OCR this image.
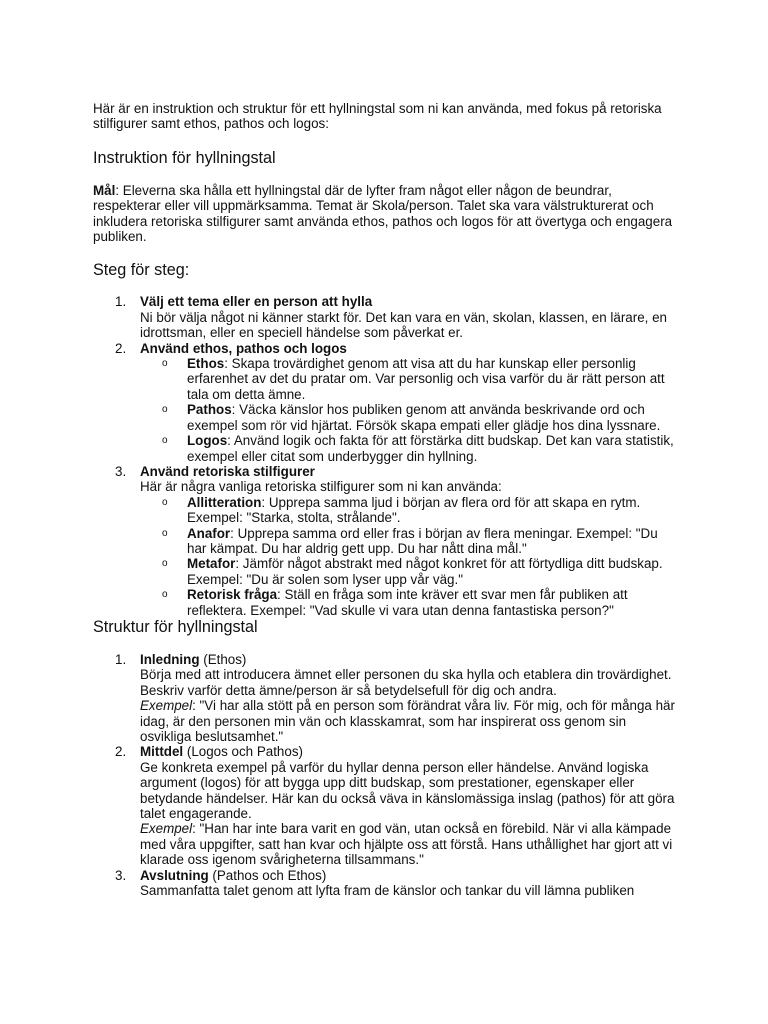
Här är en instruktion och struktur för ett hyllningstal som ni kan använda, med fokus på retoriska stilfigurer samt ethos, pathos och logos:

Instruktion för hyllningstal

Mål: Eleverna ska hålla ett hyllningstal där de lyfter fram något eller någon de beundrar, respekterar eller vill uppmärksamma. Temat är Skola/person. Talet ska vara välstrukturerat och inkludera retoriska stilfigurer samt använda ethos, pathos och logos för att övertyga och engagera publiken.

Steg för steg:
1. Välj ett tema eller en person att hylla
Ni bör välja något ni känner starkt för. Det kan vara en vän, skolan, klassen, en lärare, en idrottsman, eller en speciell händelse som påverkat er.
2. Använd ethos, pathos och logos
o Ethos: Skapa trovärdighet genom att visa att du har kunskap eller personlig erfarenhet av det du pratar om. Var personlig och visa varför du är rätt person att tala om detta ämne.
o Pathos: Väcka känslor hos publiken genom att använda beskrivande ord och exempel som rör vid hjärtat. Försök skapa empati eller glädje hos dina lyssnare.
o Logos: Använd logik och fakta för att förstärka ditt budskap. Det kan vara statistik, exempel eller citat som underbygger din hyllning.
3. Använd retoriska stilfigurer
Här är några vanliga retoriska stilfigurer som ni kan använda:
o Allitteration: Upprepa samma ljud i början av flera ord för att skapa en rytm. Exempel: "Starka, stolta, strålande".
o Anafor: Upprepa samma ord eller fras i början av flera meningar. Exempel: "Du har kämpat. Du har aldrig gett upp. Du har nått dina mål."
o Metafor: Jämför något abstrakt med något konkret för att förtydliga ditt budskap. Exempel: "Du är solen som lyser upp vår väg."
o Retorisk fråga: Ställ en fråga som inte kräver ett svar men får publiken att reflektera. Exempel: "Vad skulle vi vara utan denna fantastiska person?"
Struktur för hyllningstal
1. Inledning (Ethos)
Börja med att introducera ämnet eller personen du ska hylla och etablera din trovärdighet. Beskriv varför detta ämne/person är så betydelsefull för dig och andra.
Exempel: "Vi har alla stött på en person som förändrat våra liv. För mig, och för många här idag, är den personen min vän och klasskamrat, som har inspirerat oss genom sin osvikliga beslutsamhet."
2. Mittdel (Logos och Pathos)
Ge konkreta exempel på varför du hyllar denna person eller händelse. Använd logiska argument (logos) för att bygga upp ditt budskap, som prestationer, egenskaper eller betydande händelser. Här kan du också väva in känslomässiga inslag (pathos) för att göra talet engagerande.
Exempel: "Han har inte bara varit en god vän, utan också en förebild. När vi alla kämpade med våra uppgifter, satt han kvar och hjälpte oss att förstå. Hans uthållighet har gjort att vi klarade oss igenom svårigheterna tillsammans."
3. Avslutning (Pathos och Ethos)
Sammanfatta talet genom att lyfta fram de känslor och tankar du vill lämna publiken
